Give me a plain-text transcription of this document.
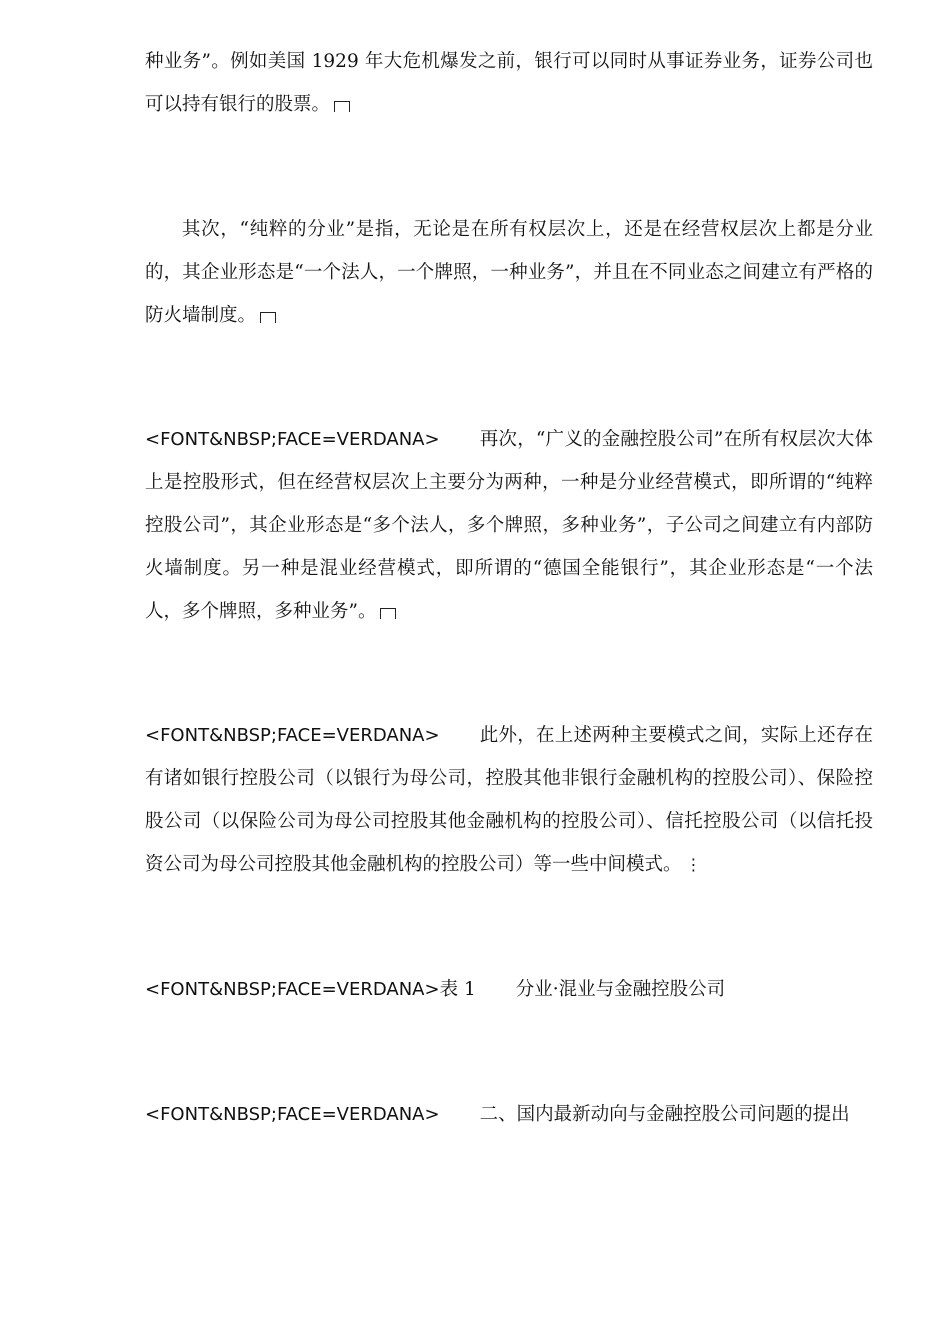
种业务”。例如美国 1929 年大危机爆发之前，银行可以同时从事证券业务，证券公司也可以持有银行的股票。
其次，“纯粹的分业”是指，无论是在所有权层次上，还是在经营权层次上都是分业的，其企业形态是“一个法人，一个牌照，一种业务”，并且在不同业态之间建立有严格的防火墙制度。
<FONT&NBSP;FACE=VERDANA> 再次，“广义的金融控股公司”在所有权层次大体上是控股形式，但在经营权层次上主要分为两种，一种是分业经营模式，即所谓的“纯粹控股公司”，其企业形态是“多个法人，多个牌照，多种业务”，子公司之间建立有内部防火墙制度。另一种是混业经营模式，即所谓的“德国全能银行”，其企业形态是“一个法人，多个牌照，多种业务”。
<FONT&NBSP;FACE=VERDANA> 此外，在上述两种主要模式之间，实际上还存在有诸如银行控股公司（以银行为母公司，控股其他非银行金融机构的控股公司）、保险控股公司（以保险公司为母公司控股其他金融机构的控股公司）、信托控股公司（以信托投资公司为母公司控股其他金融机构的控股公司）等一些中间模式。 ⋮
<FONT&NBSP;FACE=VERDANA>表 1 分业·混业与金融控股公司
<FONT&NBSP;FACE=VERDANA> 二、国内最新动向与金融控股公司问题的提出
